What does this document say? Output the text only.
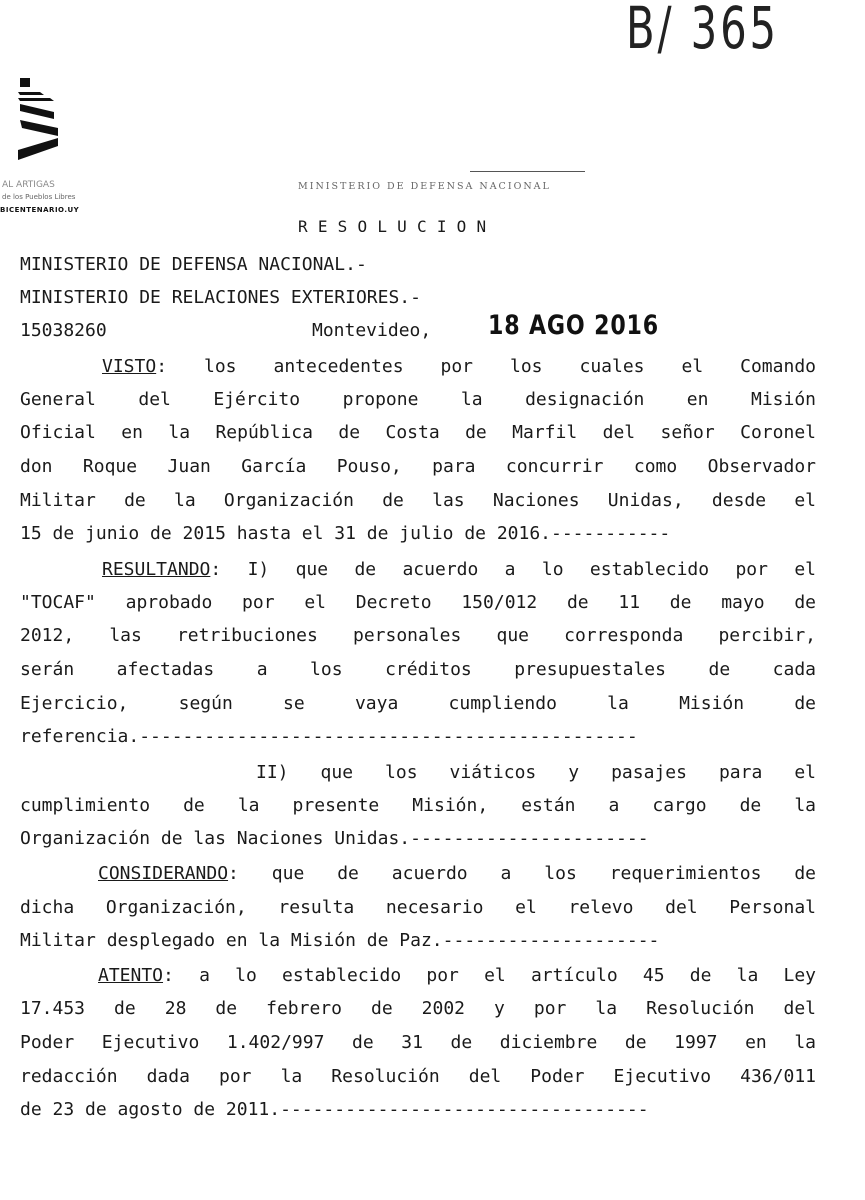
B/ 365
AL ARTIGAS
de los Pueblos Libres
BICENTENARIO.UY
MINISTERIO DE DEFENSA NACIONAL
RESOLUCION
MINISTERIO DE DEFENSA NACIONAL.-
MINISTERIO DE RELACIONES EXTERIORES.-
15038260	Montevideo, 18 AGO 2016
VISTO: los antecedentes por los cuales el Comando
General del Ejército propone la designación en Misión
Oficial en la República de Costa de Marfil del señor Coronel
don Roque Juan García Pouso, para concurrir como Observador
Militar de la Organización de las Naciones Unidas, desde el
15 de junio de 2015 hasta el 31 de julio de 2016.-----------
RESULTANDO: I) que de acuerdo a lo establecido por el
"TOCAF" aprobado por el Decreto 150/012 de 11 de mayo de
2012, las retribuciones personales que corresponda percibir,
serán afectadas a los créditos presupuestales de cada
Ejercicio, según se vaya cumpliendo la Misión de
referencia.----------------------------------------------
II) que los viáticos y pasajes para el
cumplimiento de la presente Misión, están a cargo de la
Organización de las Naciones Unidas.----------------------
CONSIDERANDO: que de acuerdo a los requerimientos de
dicha Organización, resulta necesario el relevo del Personal
Militar desplegado en la Misión de Paz.--------------------
ATENTO: a lo establecido por el artículo 45 de la Ley
17.453 de 28 de febrero de 2002 y por la Resolución del
Poder Ejecutivo 1.402/997 de 31 de diciembre de 1997 en la
redacción dada por la Resolución del Poder Ejecutivo 436/011
de 23 de agosto de 2011.----------------------------------
